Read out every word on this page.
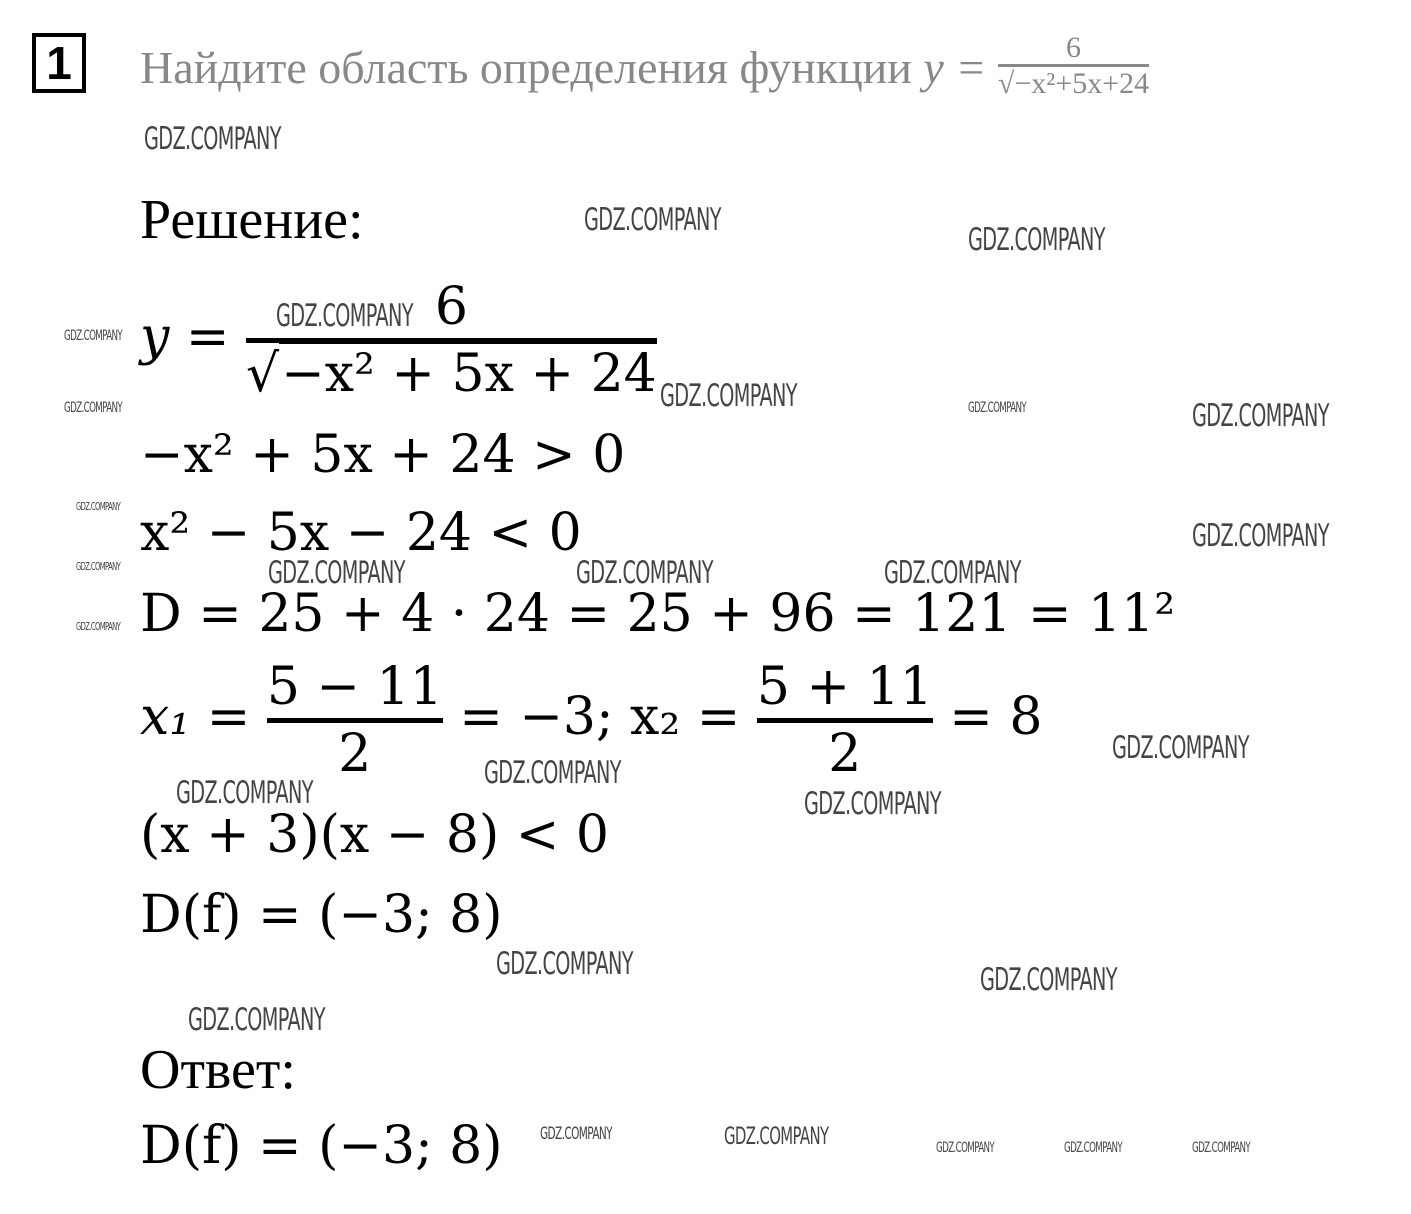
1	Найдите область определения функции $y = \frac{6}{\text{√−x²+5x+24}}$
Решение:
$y = \frac{6}{\text{√−x² + 5x + 24}}$
−x² + 5x + 24 > 0
x² − 5x − 24 < 0
D = 25 + 4 · 24 = 25 + 96 = 121 = 11²
$x_1 = \frac{5 - 11}{2} = -3$; $x_2 = \frac{5 + 11}{2} = 8$
(x + 3)(x − 8) < 0
D(f) = (−3; 8)
Ответ:
D(f) = (−3; 8)
GDZ.COMPANY
GDZ.COMPANY
GDZ.COMPANY
GDZ.COMPANY
GDZ.COMPANY
GDZ.COMPANY
GDZ.COMPANY	GDZ.COMPANY	GDZ.COMPANY
GDZ.COMPANY
GDZ.COMPANY
GDZ.COMPANY	GDZ.COMPANY	GDZ.COMPANY	GDZ.COMPANY
GDZ.COMPANY
GDZ.COMPANY
GDZ.COMPANY
GDZ.COMPANY	GDZ.COMPANY
GDZ.COMPANY	GDZ.COMPANY
GDZ.COMPANY
GDZ.COMPANY	GDZ.COMPANY	GDZ.COMPANY	GDZ.COMPANY	GDZ.COMPANY
